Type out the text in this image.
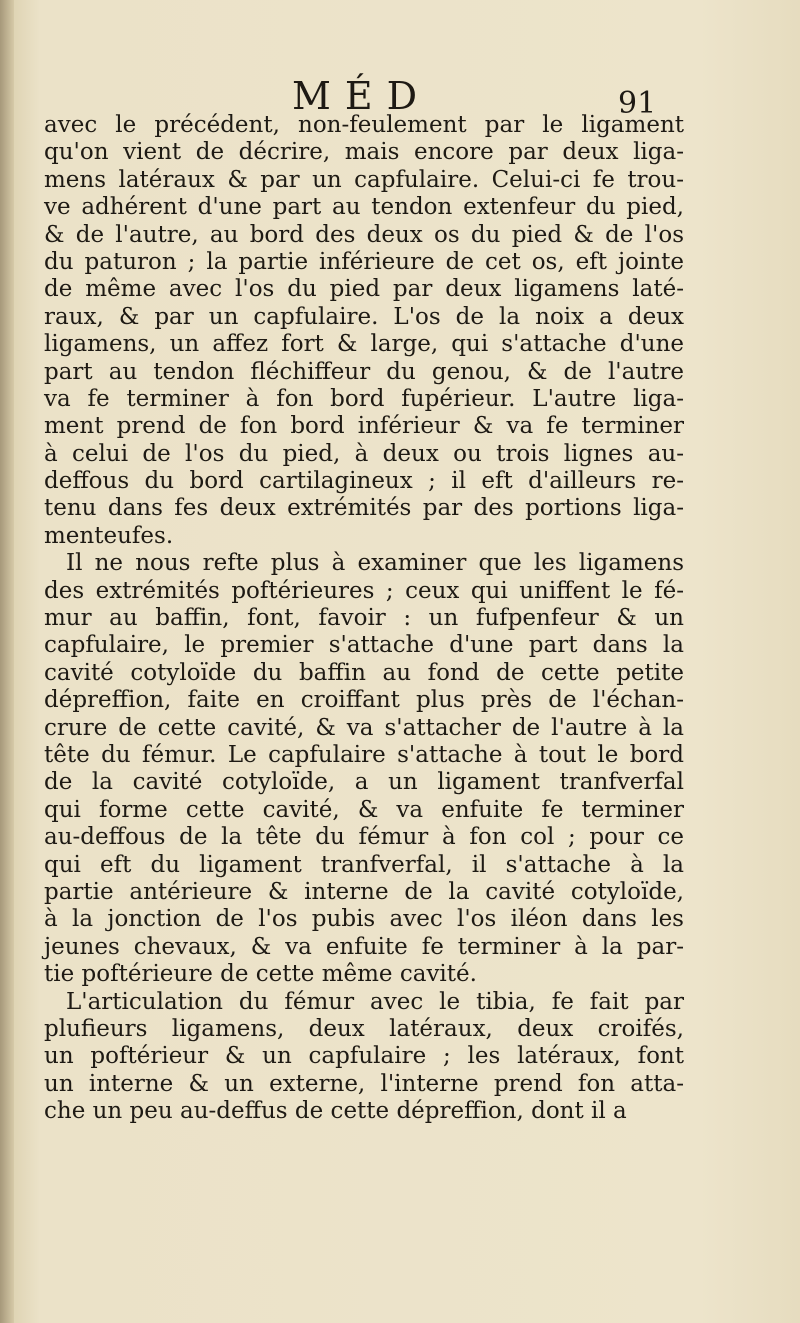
MÉD	91
avec le précédent, non-feulement par le ligament
qu'on vient de décrire, mais encore par deux liga-
mens latéraux & par un capfulaire. Celui-ci fe trou-
ve adhérent d'une part au tendon extenfeur du pied,
& de l'autre, au bord des deux os du pied & de l'os
du paturon ; la partie inférieure de cet os, eft jointe
de même avec l'os du pied par deux ligamens laté-
raux, & par un capfulaire. L'os de la noix a deux
ligamens, un affez fort & large, qui s'attache d'une
part au tendon fléchiffeur du genou, & de l'autre
va fe terminer à fon bord fupérieur. L'autre liga-
ment prend de fon bord inférieur & va fe terminer
à celui de l'os du pied, à deux ou trois lignes au-
deffous du bord cartilagineux ; il eft d'ailleurs re-
tenu dans fes deux extrémités par des portions liga-
menteufes.
Il ne nous refte plus à examiner que les ligamens
des extrémités poftérieures ; ceux qui uniffent le fé-
mur au baffin, font, favoir : un fufpenfeur & un
capfulaire, le premier s'attache d'une part dans la
cavité cotyloïde du baffin au fond de cette petite
dépreffion, faite en croiffant plus près de l'échan-
crure de cette cavité, & va s'attacher de l'autre à la
tête du fémur. Le capfulaire s'attache à tout le bord
de la cavité cotyloïde, a un ligament tranfverfal
qui forme cette cavité, & va enfuite fe terminer
au-deffous de la tête du fémur à fon col ; pour ce
qui eft du ligament tranfverfal, il s'attache à la
partie antérieure & interne de la cavité cotyloïde,
à la jonction de l'os pubis avec l'os iléon dans les
jeunes chevaux, & va enfuite fe terminer à la par-
tie poftérieure de cette même cavité.
L'articulation du fémur avec le tibia, fe fait par
plufieurs ligamens, deux latéraux, deux croifés,
un poftérieur & un capfulaire ; les latéraux, font
un interne & un externe, l'interne prend fon atta-
che un peu au-deffus de cette dépreffion, dont il a
